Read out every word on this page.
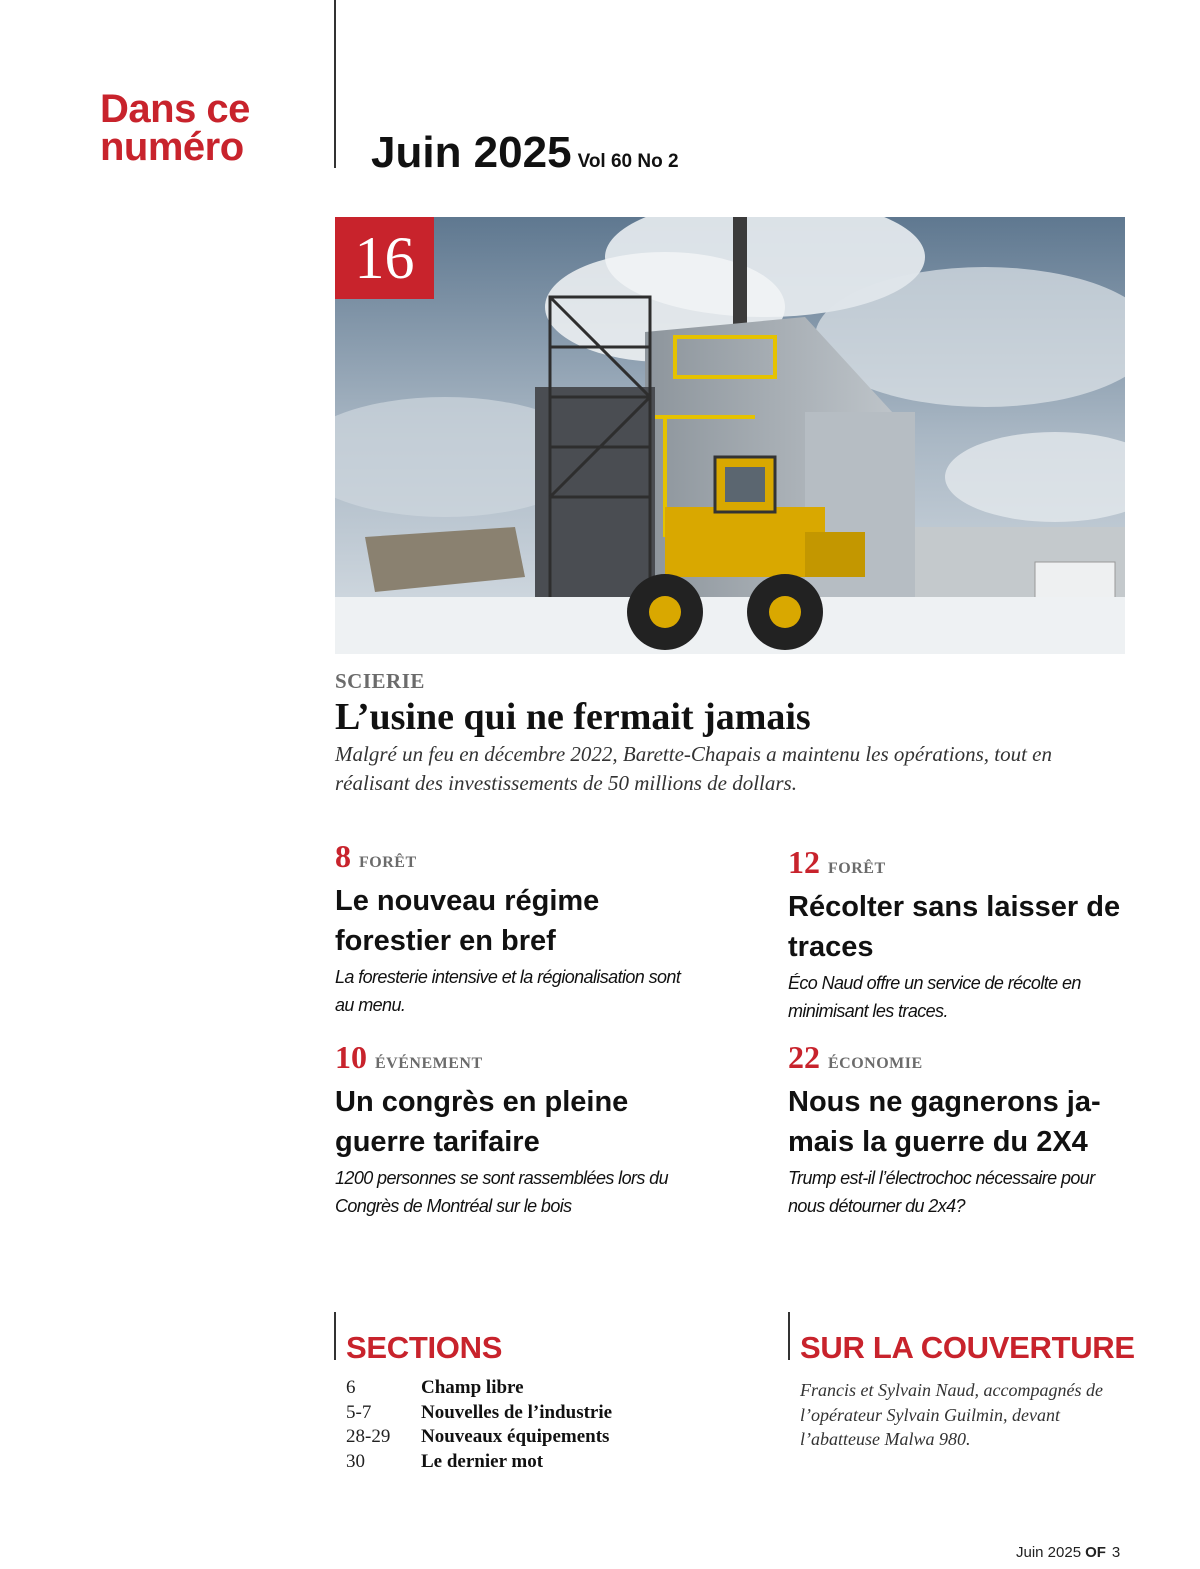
Dans ce
numéro	Juin 2025 Vol 60 No 2
16
SCIERIE
L’usine qui ne fermait jamais
Malgré un feu en décembre 2022, Barette-Chapais a maintenu les opérations, tout en réalisant des investissements de 50 millions de dollars.
8 FORÊT
Le nouveau régime forestier en bref
La foresterie intensive et la régionalisation sont au menu.
12 FORÊT
Récolter sans laisser de traces
Éco Naud offre un service de récolte en minimisant les traces.
10 ÉVÉNEMENT
Un congrès en pleine guerre tarifaire
1200 personnes se sont rassemblées lors du Congrès de Montréal sur le bois
22 ÉCONOMIE
Nous ne gagnerons ja-mais la guerre du 2X4
Trump est-il l’électrochoc nécessaire pour nous détourner du 2x4?
SECTIONS
6	Champ libre
5-7	Nouvelles de l’industrie
28-29	Nouveaux équipements
30	Le dernier mot
SUR LA COUVERTURE
Francis et Sylvain Naud, accompagnés de l’opérateur Sylvain Guilmin, devant l’abatteuse Malwa 980.
Juin 2025 OF 3
